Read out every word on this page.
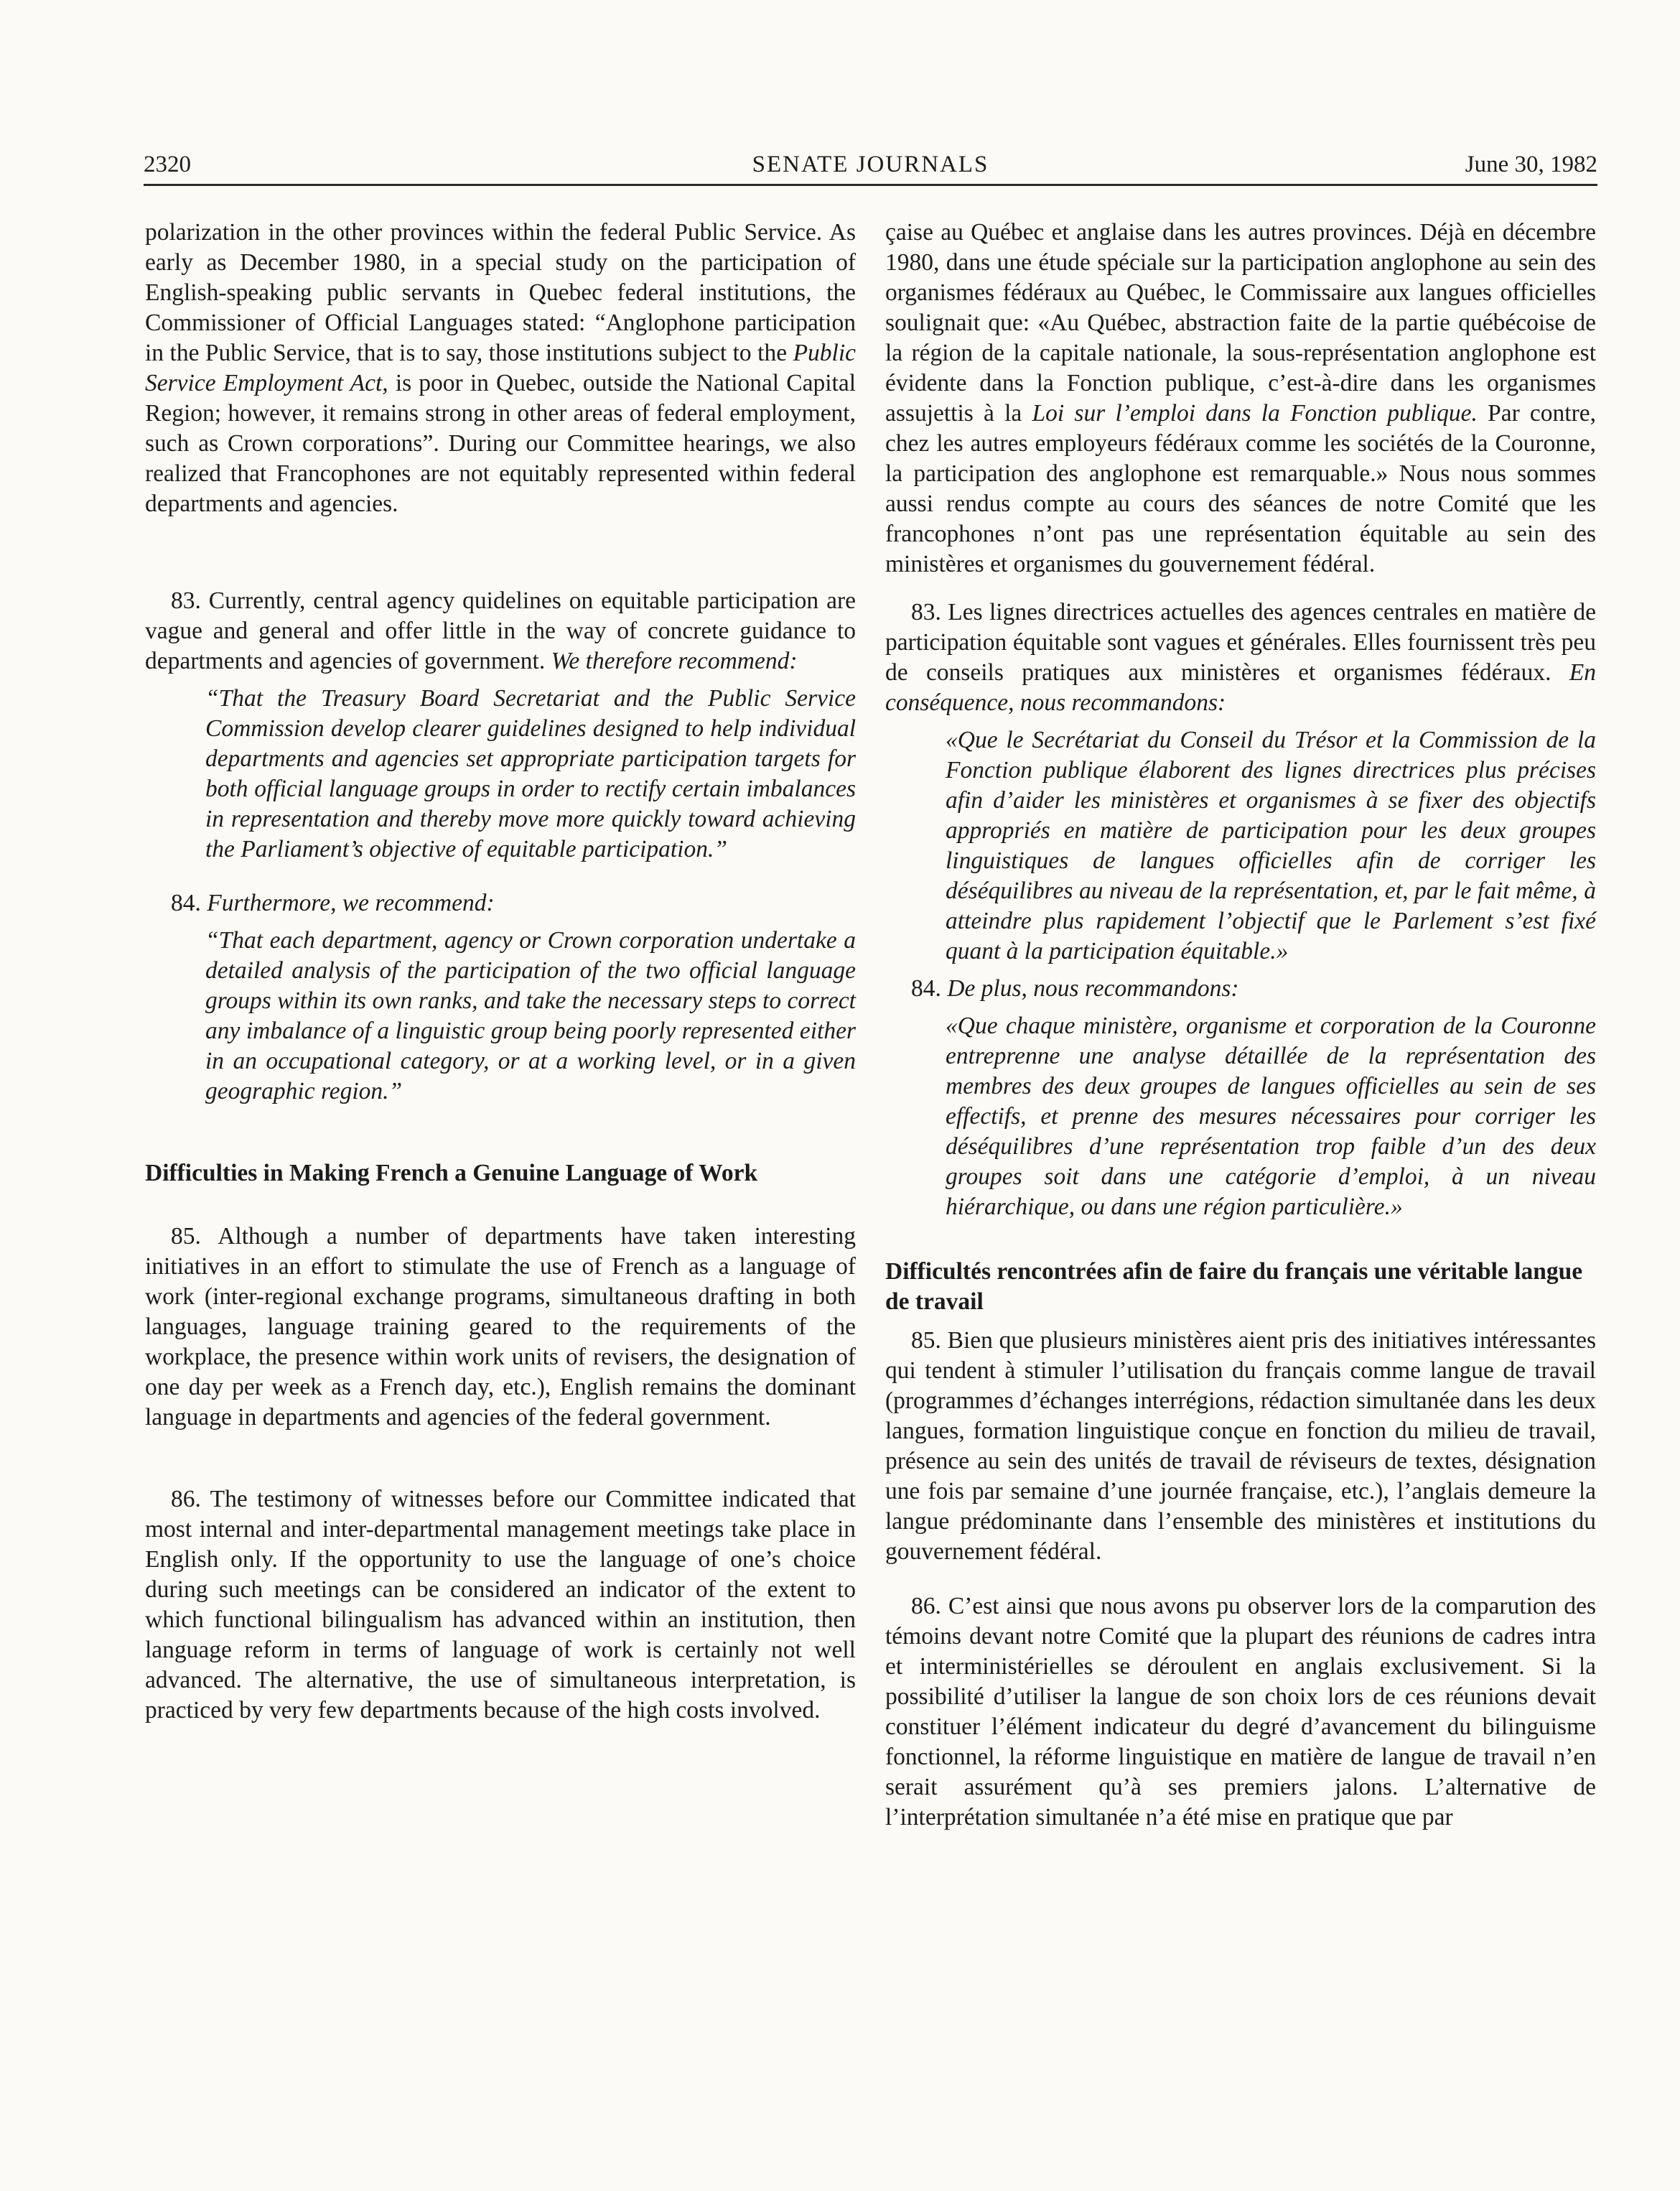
2320	SENATE JOURNALS	June 30, 1982

polarization in the other provinces within the federal Public Service. As early as December 1980, in a special study on the participation of English-speaking public servants in Quebec federal institutions, the Commissioner of Official Languages stated: “Anglophone participation in the Public Service, that is to say, those institutions subject to the Public Service Employment Act, is poor in Quebec, outside the National Capital Region; however, it remains strong in other areas of federal employment, such as Crown corporations”. During our Committee hearings, we also realized that Francophones are not equitably represented within federal departments and agencies.

83. Currently, central agency quidelines on equitable participation are vague and general and offer little in the way of concrete guidance to departments and agencies of government. We therefore recommend:

“That the Treasury Board Secretariat and the Public Service Commission develop clearer guidelines designed to help individual departments and agencies set appropriate participation targets for both official language groups in order to rectify certain imbalances in representation and thereby move more quickly toward achieving the Parliament’s objective of equitable participation.”

84. Furthermore, we recommend:

“That each department, agency or Crown corporation undertake a detailed analysis of the participation of the two official language groups within its own ranks, and take the necessary steps to correct any imbalance of a linguistic group being poorly represented either in an occupational category, or at a working level, or in a given geographic region.”

Difficulties in Making French a Genuine Language of Work

85. Although a number of departments have taken interesting initiatives in an effort to stimulate the use of French as a language of work (inter-regional exchange programs, simultaneous drafting in both languages, language training geared to the requirements of the workplace, the presence within work units of revisers, the designation of one day per week as a French day, etc.), English remains the dominant language in departments and agencies of the federal government.

86. The testimony of witnesses before our Committee indicated that most internal and inter-departmental management meetings take place in English only. If the opportunity to use the language of one’s choice during such meetings can be considered an indicator of the extent to which functional bilingualism has advanced within an institution, then language reform in terms of language of work is certainly not well advanced. The alternative, the use of simultaneous interpretation, is practiced by very few departments because of the high costs involved.

çaise au Québec et anglaise dans les autres provinces. Déjà en décembre 1980, dans une étude spéciale sur la participation anglophone au sein des organismes fédéraux au Québec, le Commissaire aux langues officielles soulignait que: «Au Québec, abstraction faite de la partie québécoise de la région de la capitale nationale, la sous-représentation anglophone est évidente dans la Fonction publique, c’est-à-dire dans les organismes assujettis à la Loi sur l’emploi dans la Fonction publique. Par contre, chez les autres employeurs fédéraux comme les sociétés de la Couronne, la participation des anglophone est remarquable.» Nous nous sommes aussi rendus compte au cours des séances de notre Comité que les francophones n’ont pas une représentation équitable au sein des ministères et organismes du gouvernement fédéral.

83. Les lignes directrices actuelles des agences centrales en matière de participation équitable sont vagues et générales. Elles fournissent très peu de conseils pratiques aux ministères et organismes fédéraux. En conséquence, nous recommandons:

«Que le Secrétariat du Conseil du Trésor et la Commission de la Fonction publique élaborent des lignes directrices plus précises afin d’aider les ministères et organismes à se fixer des objectifs appropriés en matière de participation pour les deux groupes linguistiques de langues officielles afin de corriger les déséquilibres au niveau de la représentation, et, par le fait même, à atteindre plus rapidement l’objectif que le Parlement s’est fixé quant à la participation équitable.»

84. De plus, nous recommandons:

«Que chaque ministère, organisme et corporation de la Couronne entreprenne une analyse détaillée de la représentation des membres des deux groupes de langues officielles au sein de ses effectifs, et prenne des mesures nécessaires pour corriger les déséquilibres d’une représentation trop faible d’un des deux groupes soit dans une catégorie d’emploi, à un niveau hiérarchique, ou dans une région particulière.»

Difficultés rencontrées afin de faire du français une véritable langue de travail

85. Bien que plusieurs ministères aient pris des initiatives intéressantes qui tendent à stimuler l’utilisation du français comme langue de travail (programmes d’échanges interrégions, rédaction simultanée dans les deux langues, formation linguistique conçue en fonction du milieu de travail, présence au sein des unités de travail de réviseurs de textes, désignation une fois par semaine d’une journée française, etc.), l’anglais demeure la langue prédominante dans l’ensemble des ministères et institutions du gouvernement fédéral.

86. C’est ainsi que nous avons pu observer lors de la comparution des témoins devant notre Comité que la plupart des réunions de cadres intra et interministérielles se déroulent en anglais exclusivement. Si la possibilité d’utiliser la langue de son choix lors de ces réunions devait constituer l’élément indicateur du degré d’avancement du bilinguisme fonctionnel, la réforme linguistique en matière de langue de travail n’en serait assurément qu’à ses premiers jalons. L’alternative de l’interprétation simultanée n’a été mise en pratique que par
